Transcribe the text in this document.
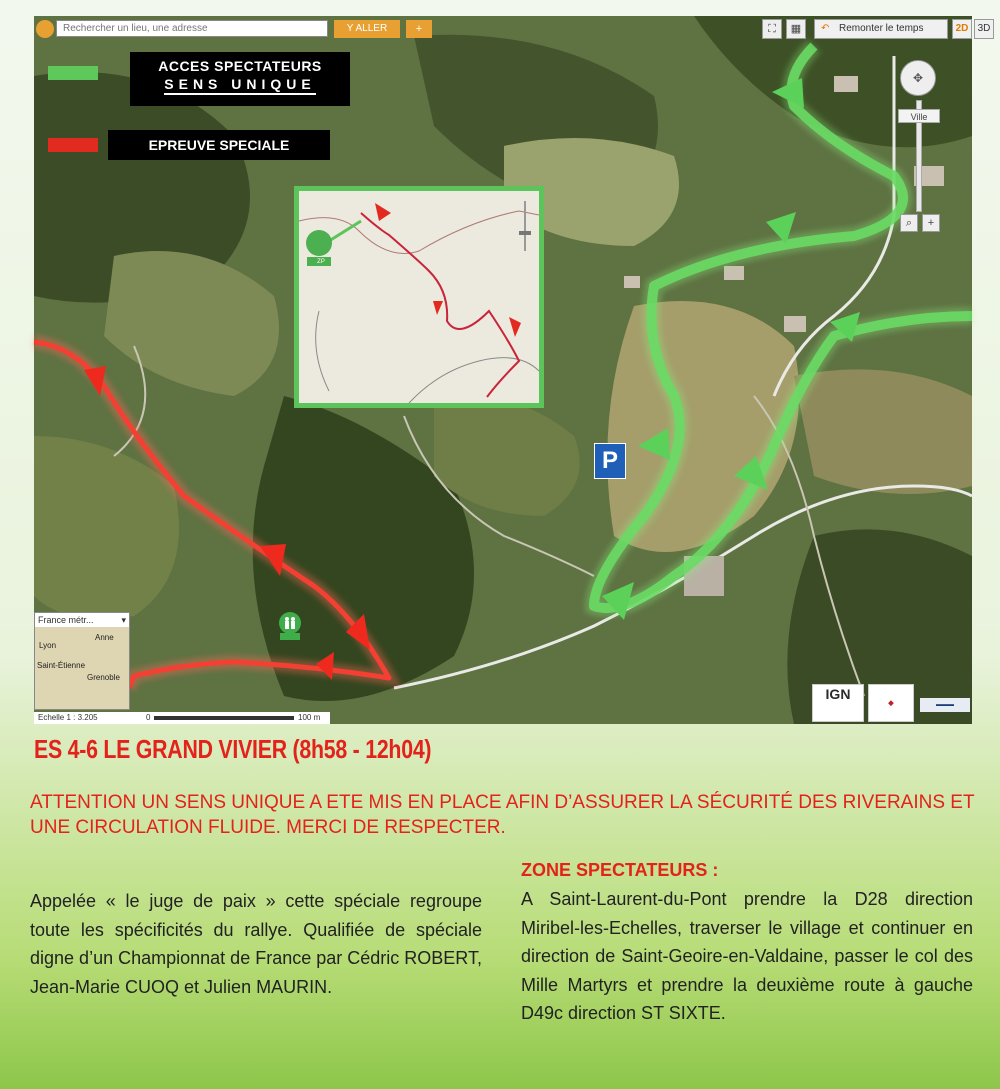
Rechercher un lieu, une adresse
Y ALLER	+	⛶	▦	↶ Remonter le temps	2D 3D
ACCES SPECTATEURS
SENS UNIQUE
EPREUVE SPECIALE
ZP
✥
Ville
⌕	+
P
France métr...	▾
Lyon
Anne
Saint-Étienne
Grenoble
Echelle 1 : 3.205	0	100 m
IGN
◆	▬▬▬
ES 4-6 LE GRAND VIVIER (8h58 - 12h04)
ATTENTION UN SENS UNIQUE A ETE MIS EN PLACE AFIN D’ASSURER LA SÉCURITÉ DES RIVERAINS ET UNE CIRCULATION FLUIDE. MERCI DE RESPECTER.
Appelée « le juge de paix » cette spéciale regroupe toute les spécificités du rallye. Qualifiée de spéciale digne d’un Championnat de France par Cédric ROBERT, Jean-Marie CUOQ et Julien MAURIN.
ZONE SPECTATEURS :
A Saint-Laurent-du-Pont prendre la D28 direction Miribel-les-Echelles, traverser le village et continuer en direction de Saint-Geoire-en-Valdaine, passer le col des Mille Martyrs et prendre la deuxième route à gauche D49c direction ST SIXTE.
